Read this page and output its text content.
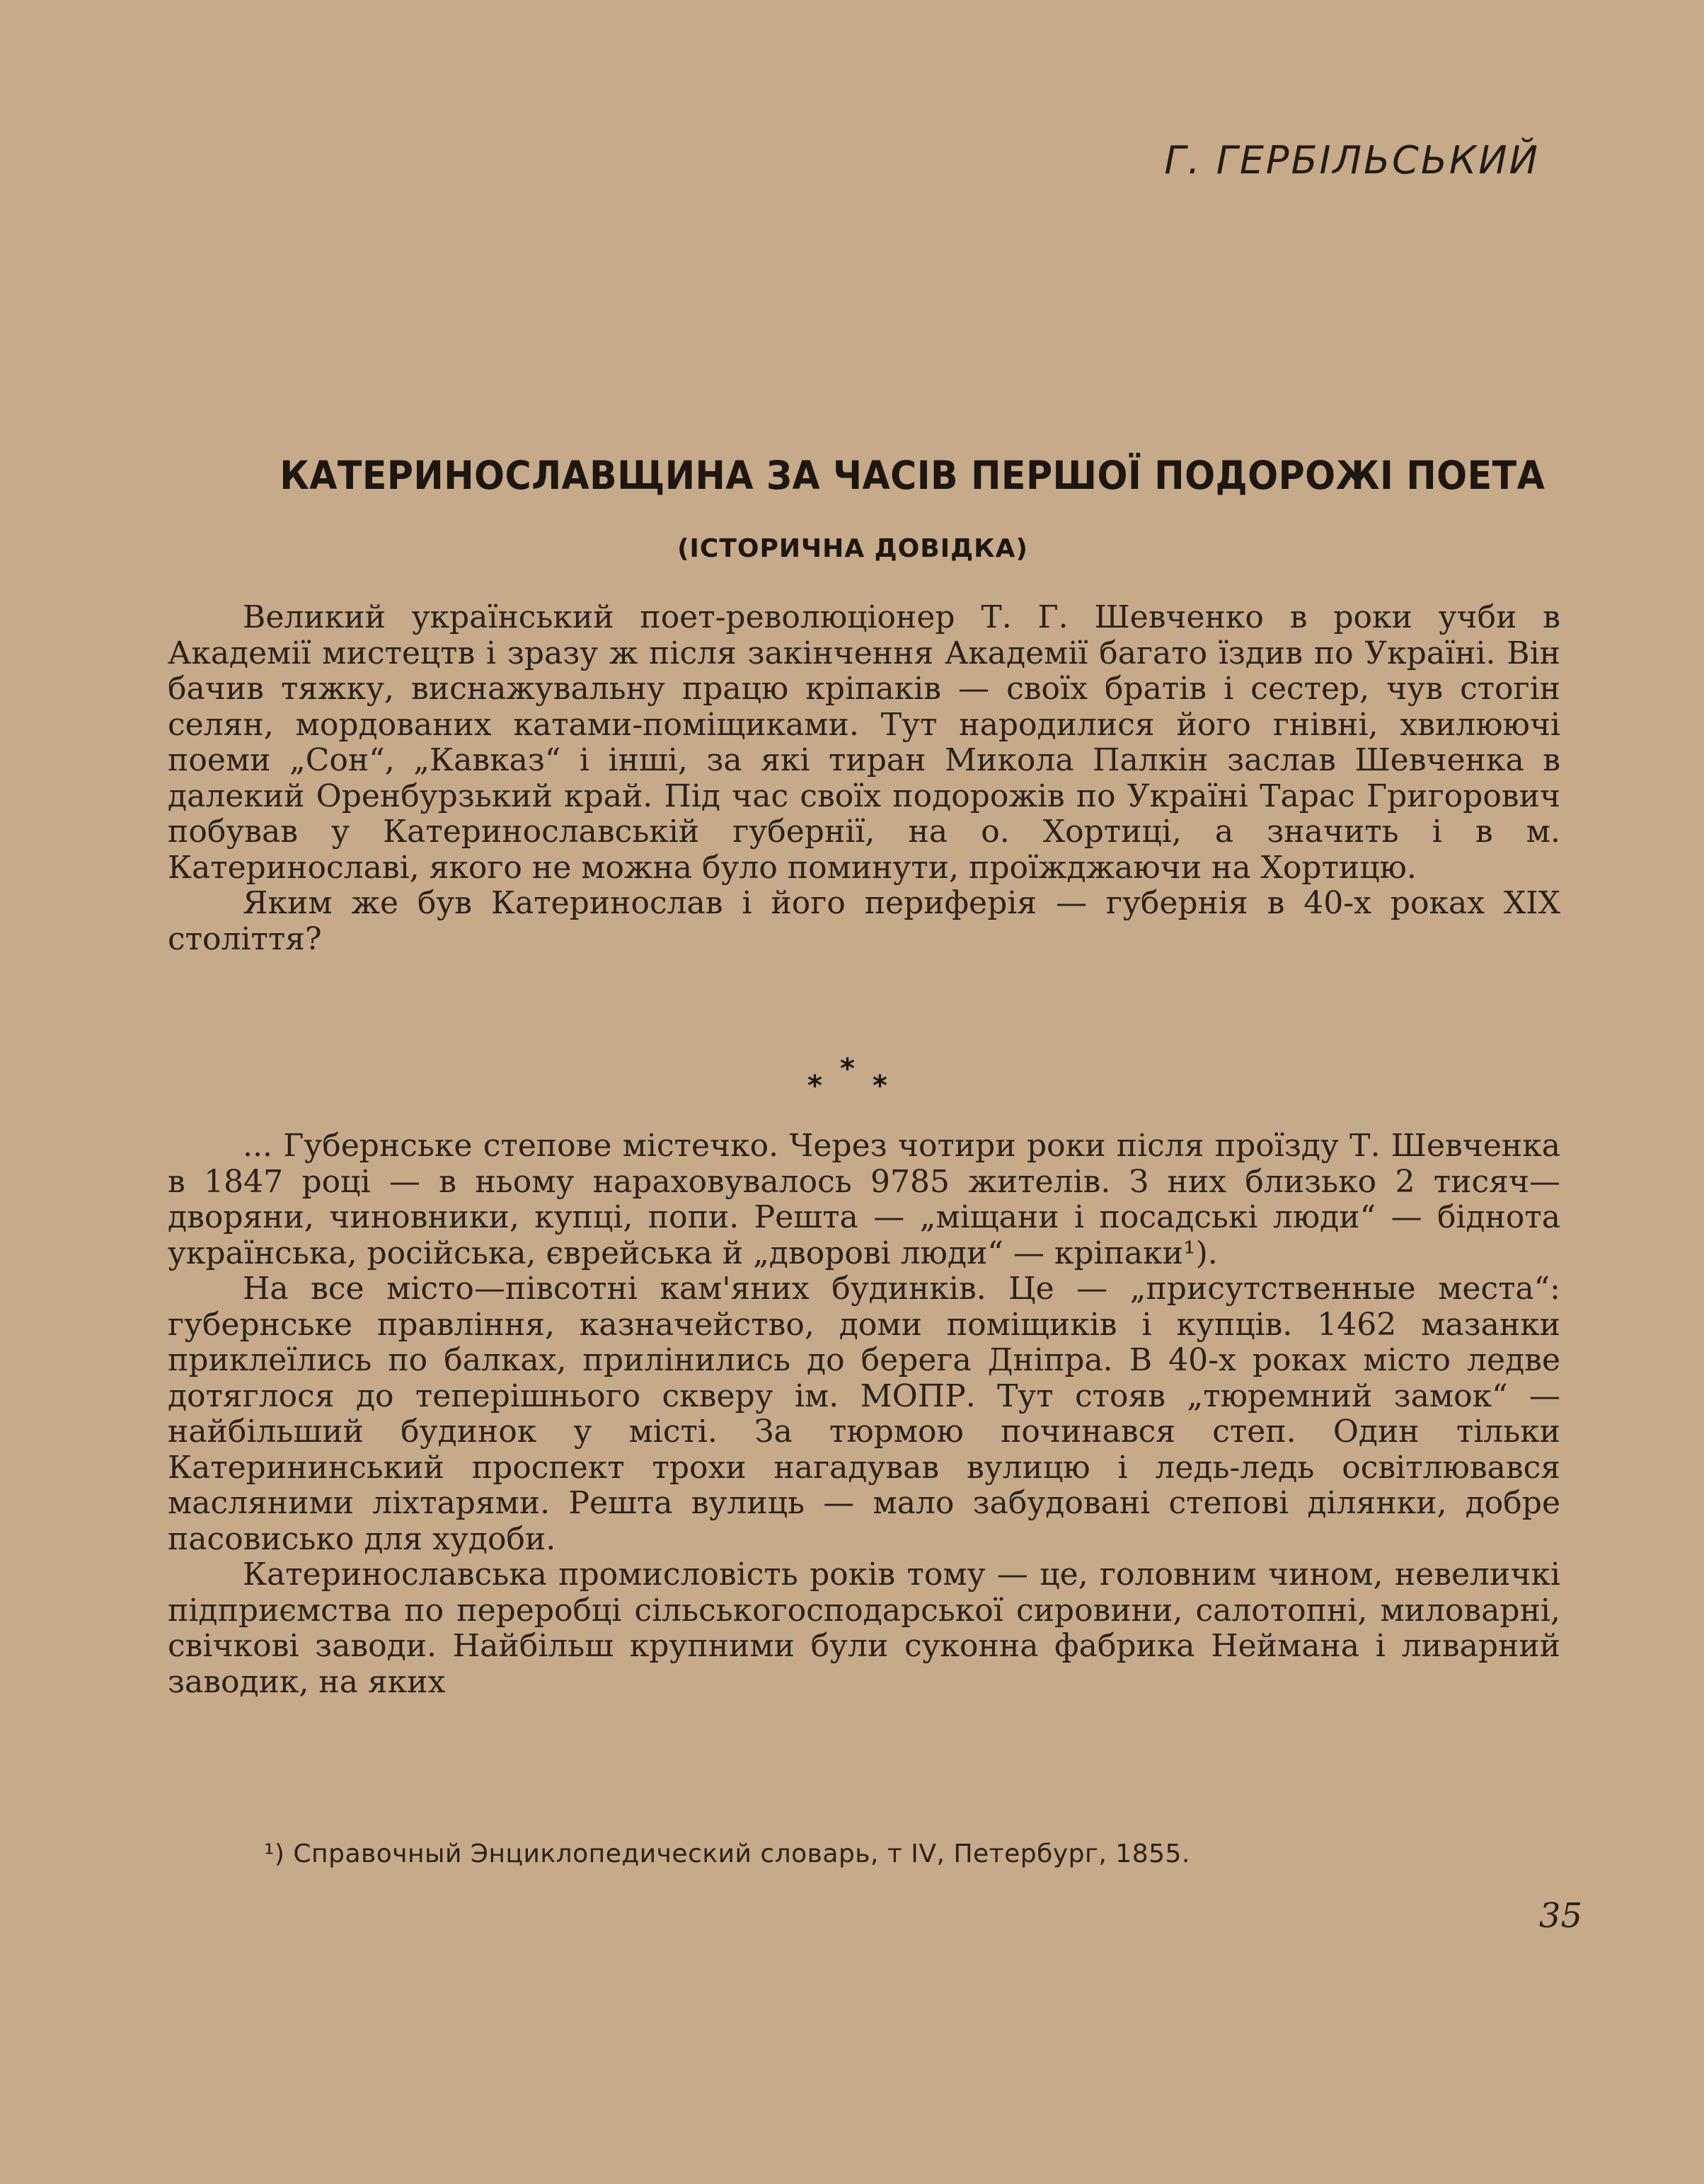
Г. ГЕРБІЛЬСЬКИЙ
КАТЕРИНОСЛАВЩИНА ЗА ЧАСІВ ПЕРШОЇ ПОДОРОЖІ ПОЕТА
(ІСТОРИЧНА ДОВІДКА)

Великий український поет-революціонер Т. Г. Шевченко в роки учби в Академії мистецтв і зразу ж після закінчення Академії багато їздив по Україні. Він бачив тяжку, виснажувальну працю кріпаків — своїх братів і сестер, чув стогін селян, мордованих катами-поміщиками. Тут народилися його гнівні, хвилюючі поеми „Сон“, „Кавказ“ і інші, за які тиран Микола Палкін заслав Шевченка в далекий Оренбурзький край. Під час своїх подорожів по Україні Тарас Григорович побував у Катеринославській губернії, на о. Хортиці, а значить і в м. Катеринославі, якого не можна було поминути, проїжджаючи на Хортицю.

Яким же був Катеринослав і його периферія — губернія в 40-х роках XIX століття?

*
* *

... Губернське степове містечко. Через чотири роки після проїзду Т. Шевченка в 1847 році — в ньому нараховувалось 9785 жителів. З них близько 2 тисяч—дворяни, чиновники, купці, попи. Решта — „міщани і посадські люди“ — біднота українська, російська, єврейська й „дворові люди“ — кріпаки¹).

На все місто—півсотні кам'яних будинків. Це — „присутственные места“: губернське правління, казначейство, доми поміщиків і купців. 1462 мазанки приклеїлись по балках, прилінились до берега Дніпра. В 40-х роках місто ледве дотяглося до теперішнього скверу ім. МОПР. Тут стояв „тюремний замок“ — найбільший будинок у місті. За тюрмою починався степ. Один тільки Катерининський проспект трохи нагадував вулицю і ледь-ледь освітлювався масляними ліхтарями. Решта вулиць — мало забудовані степові ділянки, добре пасовисько для худоби.

Катеринославська промисловість років тому — це, головним чином, невеличкі підприємства по переробці сільськогосподарської сировини, салотопні, миловарні, свічкові заводи. Найбільш крупними були суконна фабрика Неймана і ливарний заводик, на яких

¹) Справочный Энциклопедический словарь, т IV, Петербург, 1855.
35
